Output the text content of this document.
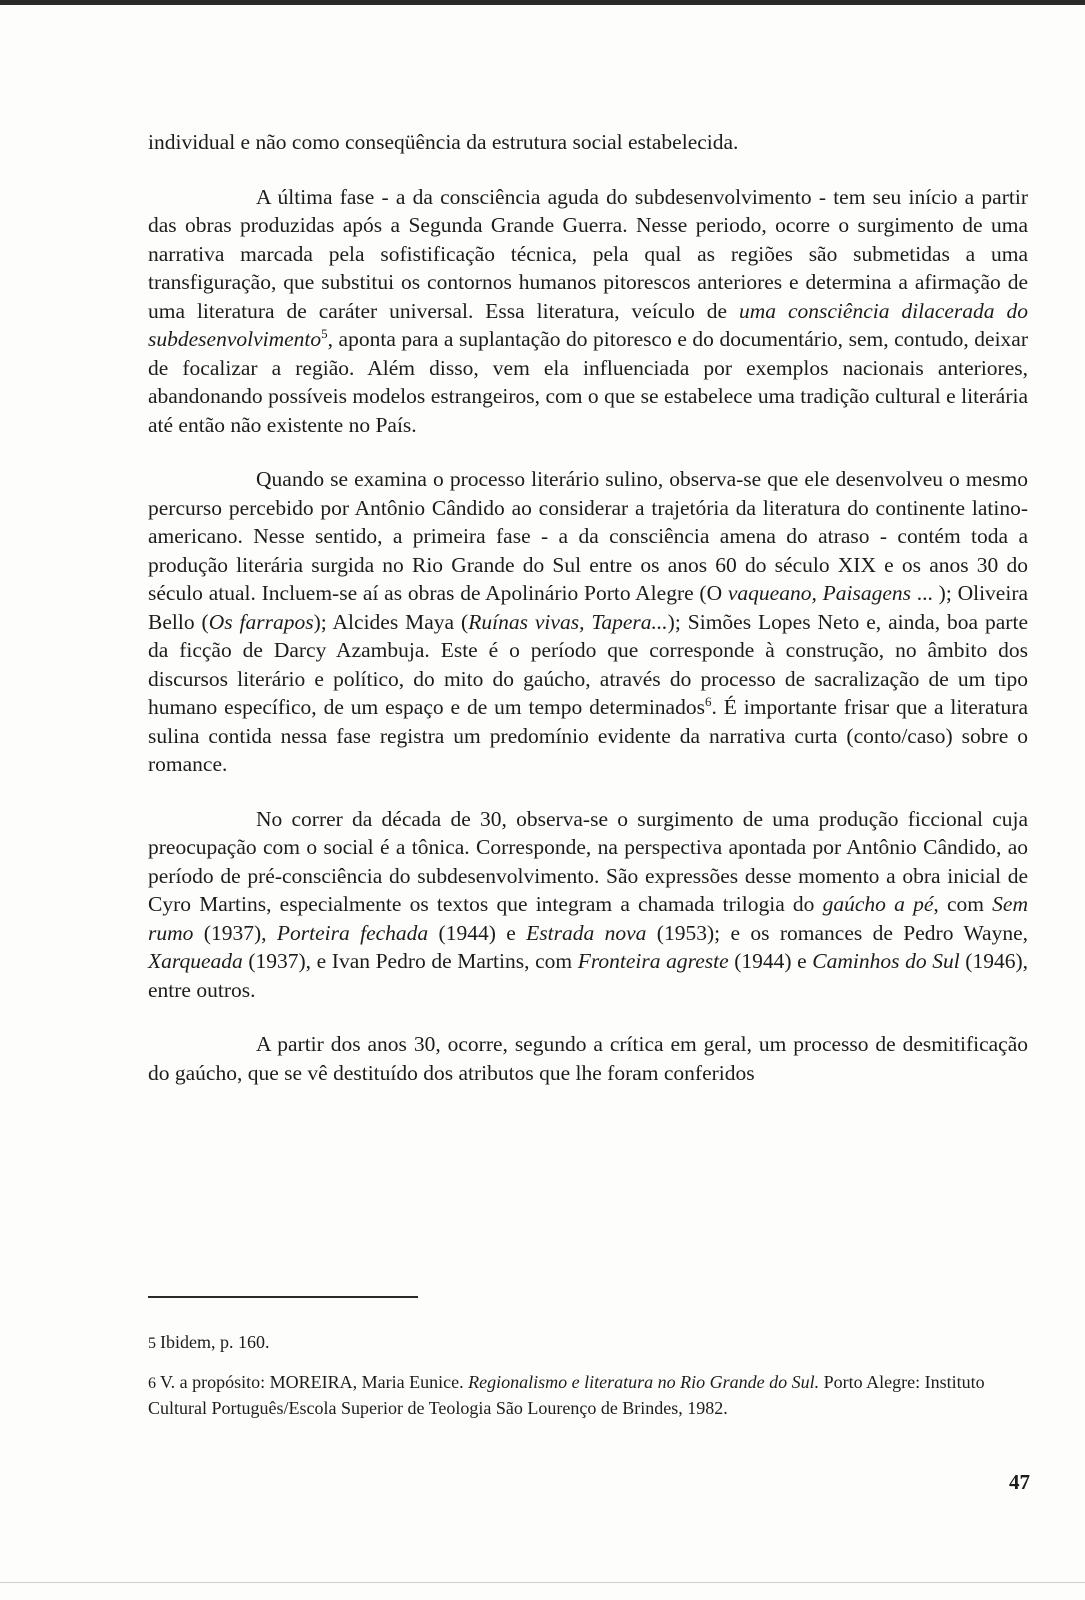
individual e não como conseqüência da estrutura social estabelecida.

A última fase - a da consciência aguda do subdesenvolvimento - tem seu início a partir das obras produzidas após a Segunda Grande Guerra. Nesse periodo, ocorre o surgimento de uma narrativa marcada pela sofistificação técnica, pela qual as regiões são submetidas a uma transfiguração, que substitui os contornos humanos pitorescos anteriores e determina a afirmação de uma literatura de caráter universal. Essa literatura, veículo de uma consciência dilacerada do subdesenvolvimento$^5$, aponta para a suplantação do pitoresco e do documentário, sem, contudo, deixar de focalizar a região. Além disso, vem ela influenciada por exemplos nacionais anteriores, abandonando possíveis modelos estrangeiros, com o que se estabelece uma tradição cultural e literária até então não existente no País.

Quando se examina o processo literário sulino, observa-se que ele desenvolveu o mesmo percurso percebido por Antônio Cândido ao considerar a trajetória da literatura do continente latino-americano. Nesse sentido, a primeira fase - a da consciência amena do atraso - contém toda a produção literária surgida no Rio Grande do Sul entre os anos 60 do século XIX e os anos 30 do século atual. Incluem-se aí as obras de Apolinário Porto Alegre (O vaqueano, Paisagens ... ); Oliveira Bello (Os farrapos); Alcides Maya (Ruínas vivas, Tapera...); Simões Lopes Neto e, ainda, boa parte da ficção de Darcy Azambuja. Este é o período que corresponde à construção, no âmbito dos discursos literário e político, do mito do gaúcho, através do processo de sacralização de um tipo humano específico, de um espaço e de um tempo determinados$^6$. É importante frisar que a literatura sulina contida nessa fase registra um predomínio evidente da narrativa curta (conto/caso) sobre o romance.

No correr da década de 30, observa-se o surgimento de uma produção ficcional cuja preocupação com o social é a tônica. Corresponde, na perspectiva apontada por Antônio Cândido, ao período de pré-consciência do subdesenvolvimento. São expressões desse momento a obra inicial de Cyro Martins, especialmente os textos que integram a chamada trilogia do gaúcho a pé, com Sem rumo (1937), Porteira fechada (1944) e Estrada nova (1953); e os romances de Pedro Wayne, Xarqueada (1937), e Ivan Pedro de Martins, com Fronteira agreste (1944) e Caminhos do Sul (1946), entre outros.

A partir dos anos 30, ocorre, segundo a crítica em geral, um processo de desmitificação do gaúcho, que se vê destituído dos atributos que lhe foram conferidos

5 Ibidem, p. 160.

6 V. a propósito: MOREIRA, Maria Eunice. Regionalismo e literatura no Rio Grande do Sul. Porto Alegre: Instituto Cultural Português/Escola Superior de Teologia São Lourenço de Brindes, 1982.

47
